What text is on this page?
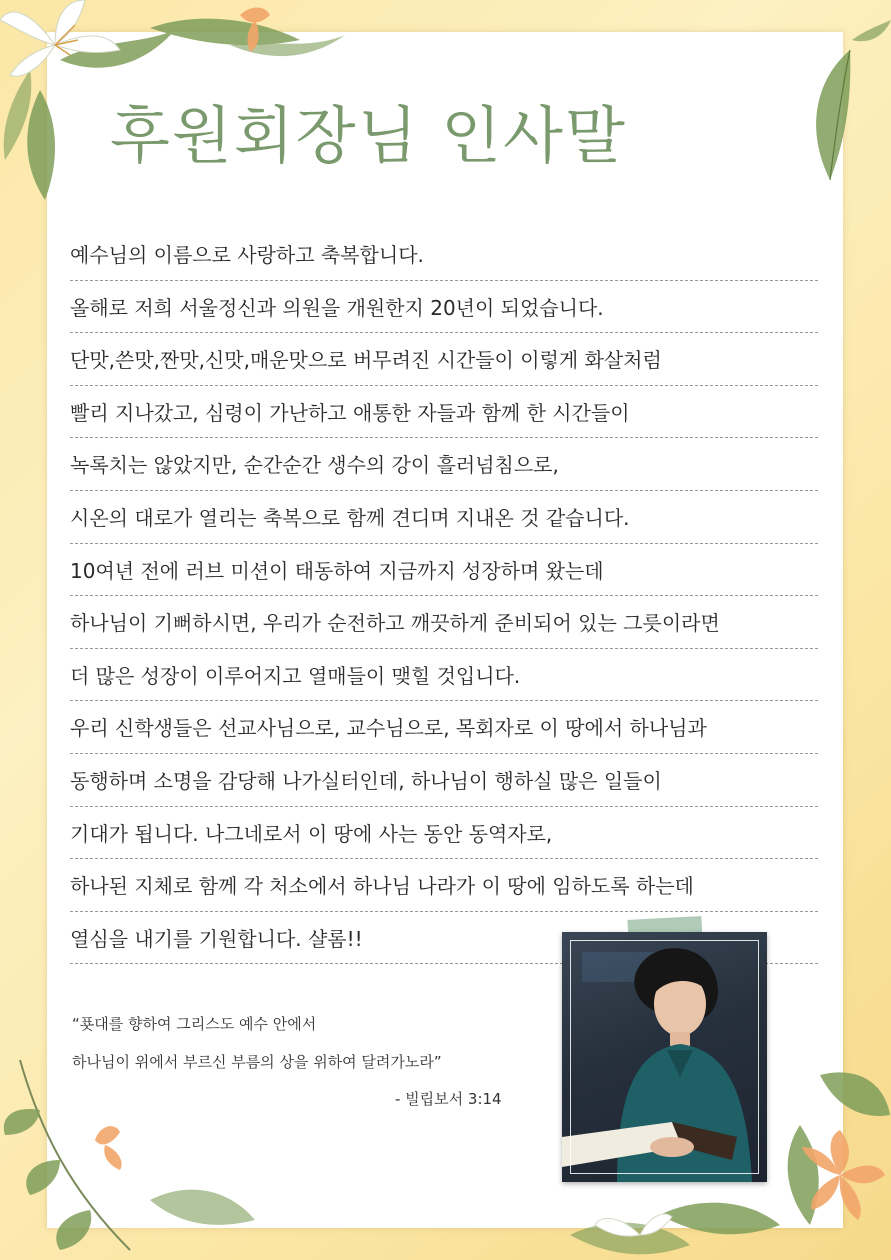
후원회장님 인사말
예수님의 이름으로 사랑하고 축복합니다.
올해로 저희 서울정신과 의원을 개원한지 20년이 되었습니다.
단맛,쓴맛,짠맛,신맛,매운맛으로 버무려진 시간들이 이렇게 화살처럼
빨리 지나갔고, 심령이 가난하고 애통한 자들과 함께 한 시간들이
녹록치는 않았지만, 순간순간 생수의 강이 흘러넘침으로,
시온의 대로가 열리는 축복으로 함께 견디며 지내온 것 같습니다.
10여년 전에 러브 미션이 태동하여 지금까지 성장하며 왔는데
하나님이 기뻐하시면, 우리가 순전하고 깨끗하게 준비되어 있는 그릇이라면
더 많은 성장이 이루어지고 열매들이 맺힐 것입니다.
우리 신학생들은 선교사님으로, 교수님으로, 목회자로 이 땅에서 하나님과
동행하며 소명을 감당해 나가실터인데, 하나님이 행하실 많은 일들이
기대가 됩니다. 나그네로서 이 땅에 사는 동안 동역자로,
하나된 지체로 함께 각 처소에서 하나님 나라가 이 땅에 임하도록 하는데
열심을 내기를 기원합니다. 샬롬!!
“푯대를 향하여 그리스도 예수 안에서
하나님이 위에서 부르신 부름의 상을 위하여 달려가노라”
- 빌립보서 3:14
